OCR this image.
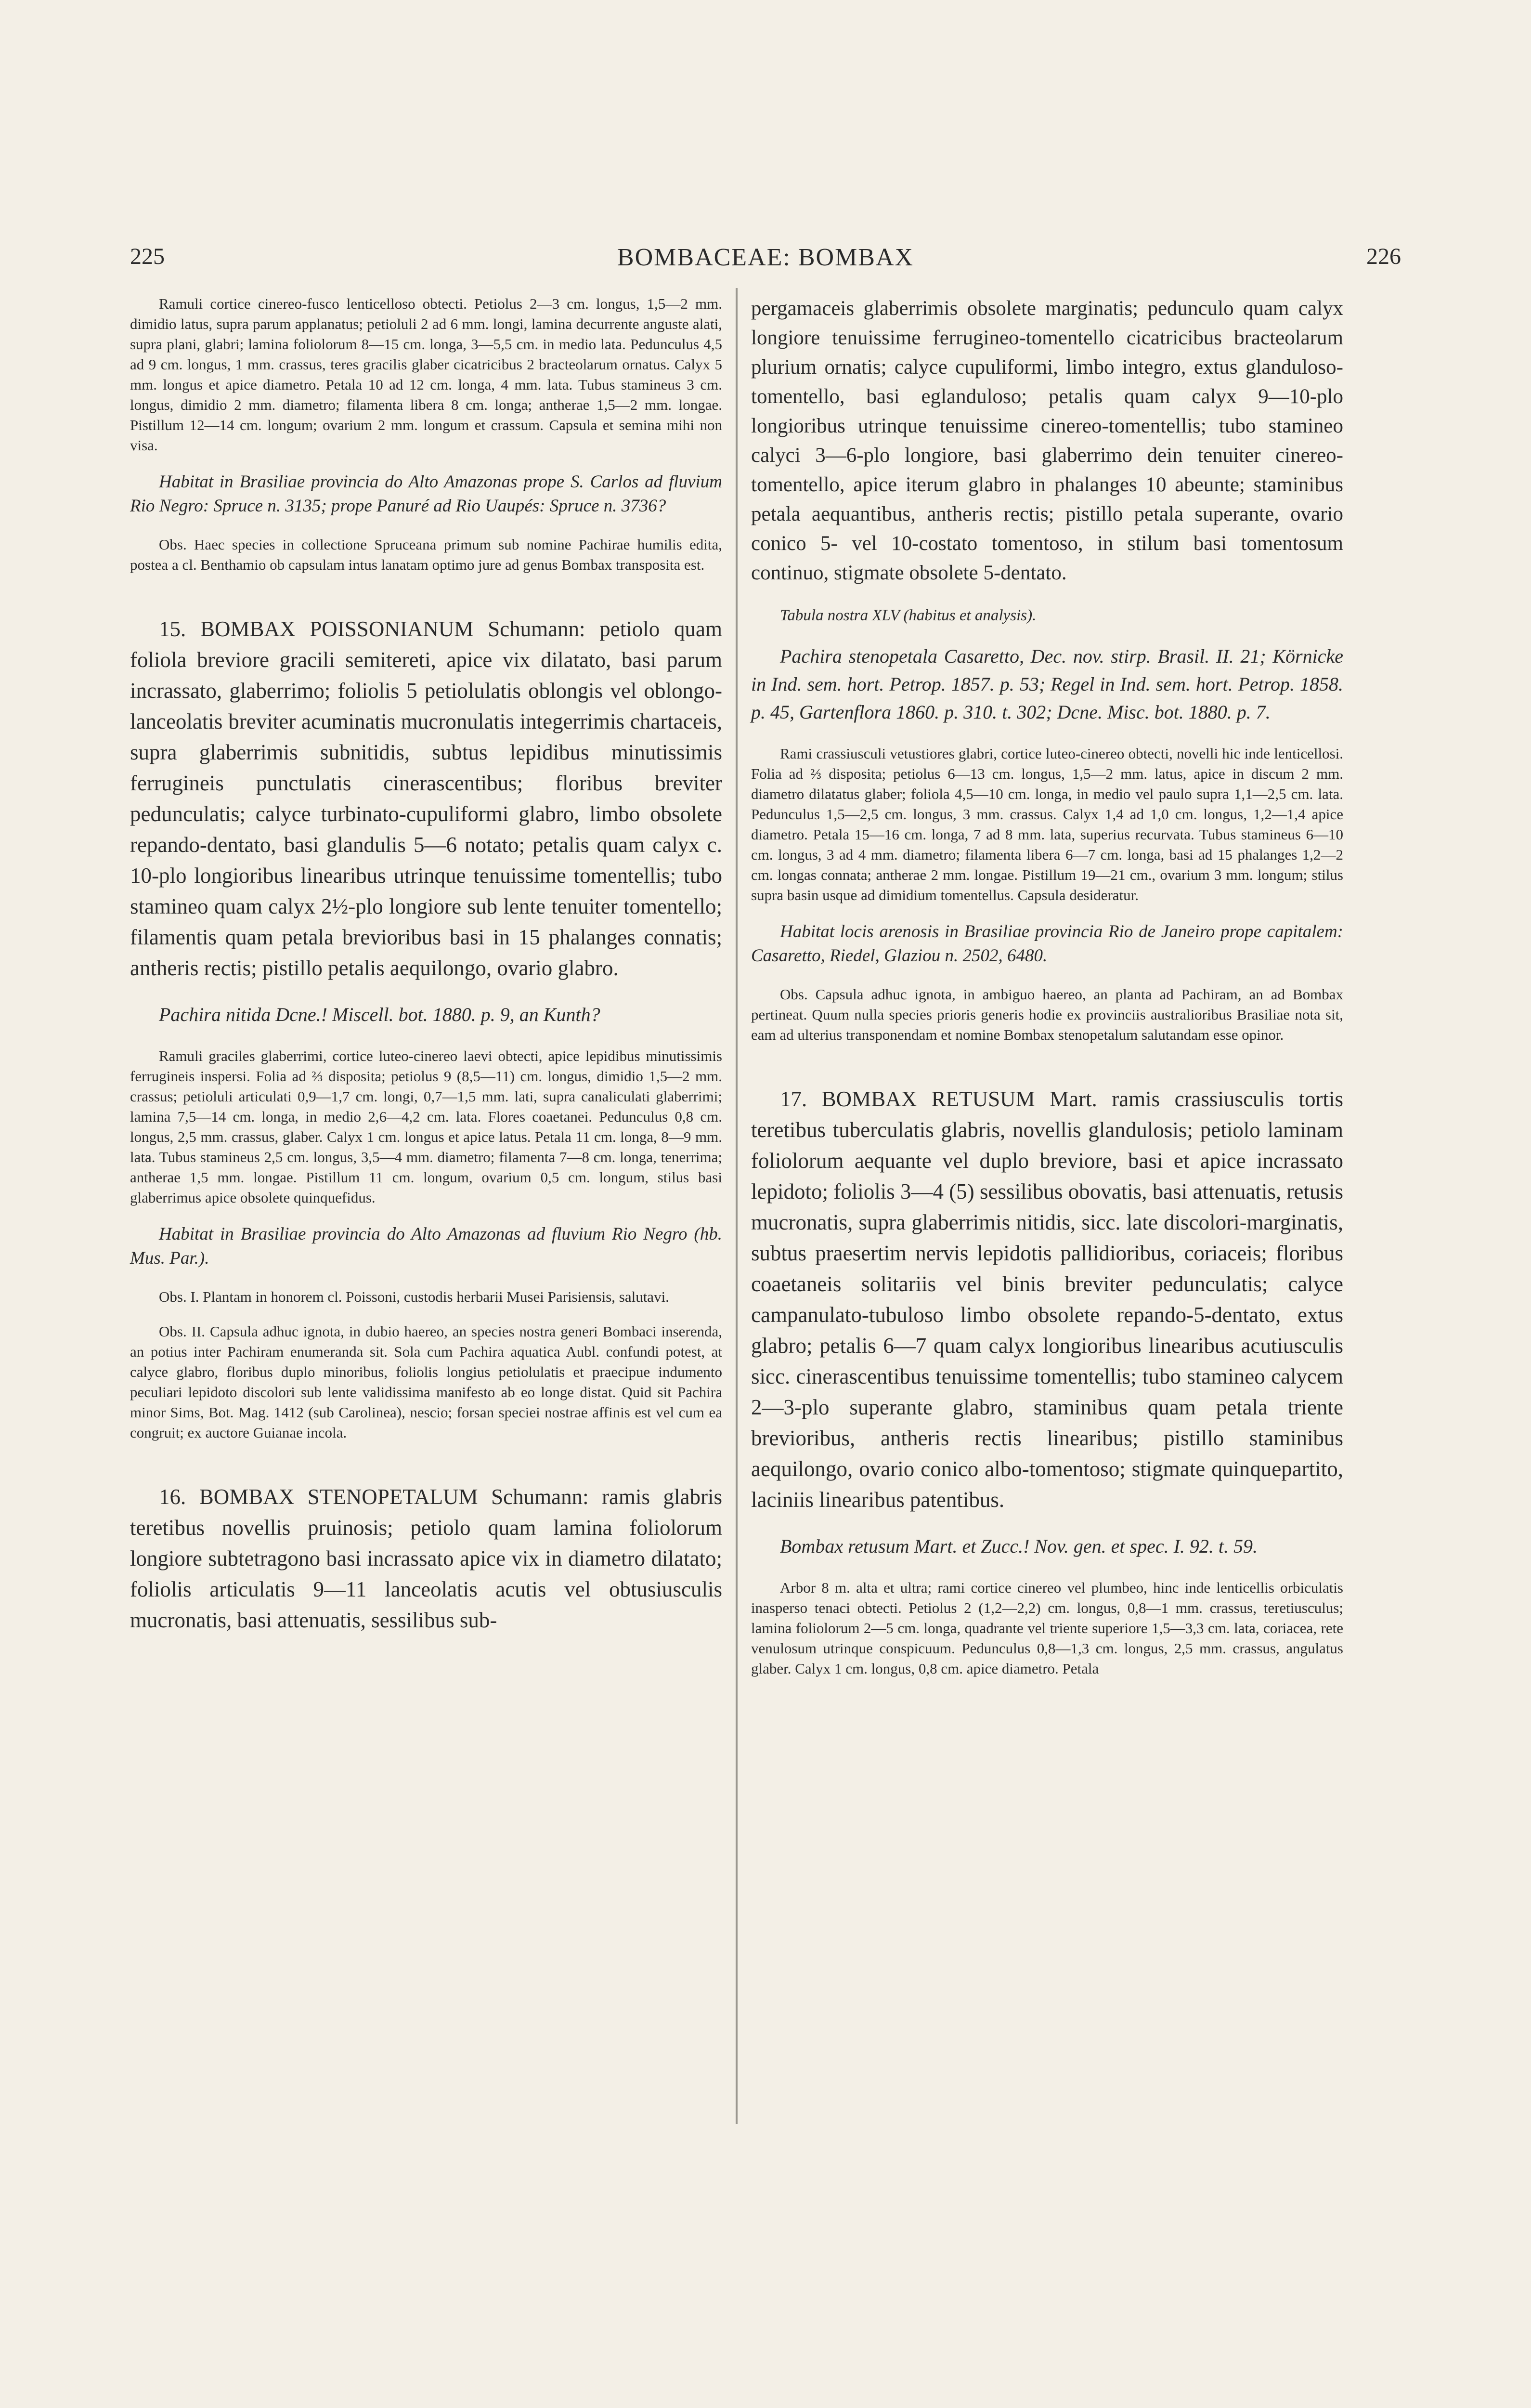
225	BOMBACEAE: BOMBAX	226

Ramuli cortice cinereo-fusco lenticelloso obtecti. Petiolus 2—3 cm. longus, 1,5—2 mm. dimidio latus, supra parum applanatus; petioluli 2 ad 6 mm. longi, lamina decurrente anguste alati, supra plani, glabri; lamina foliolorum 8—15 cm. longa, 3—5,5 cm. in medio lata. Pedunculus 4,5 ad 9 cm. longus, 1 mm. crassus, teres gracilis glaber cicatricibus 2 bracteolarum ornatus. Calyx 5 mm. longus et apice diametro. Petala 10 ad 12 cm. longa, 4 mm. lata. Tubus stamineus 3 cm. longus, dimidio 2 mm. diametro; filamenta libera 8 cm. longa; antherae 1,5—2 mm. longae. Pistillum 12—14 cm. longum; ovarium 2 mm. longum et crassum. Capsula et semina mihi non visa.

Habitat in Brasiliae provincia do Alto Amazonas prope S. Carlos ad fluvium Rio Negro: Spruce n. 3135; prope Panuré ad Rio Uaupés: Spruce n. 3736?

Obs. Haec species in collectione Spruceana primum sub nomine Pachirae humilis edita, postea a cl. Benthamio ob capsulam intus lanatam optimo jure ad genus Bombax transposita est.

15. BOMBAX POISSONIANUM Schumann: petiolo quam foliola breviore gracili semitereti, apice vix dilatato, basi parum incrassato, glaberrimo; foliolis 5 petiolulatis oblongis vel oblongo-lanceolatis breviter acuminatis mucronulatis integerrimis chartaceis, supra glaberrimis subnitidis, subtus lepidibus minutissimis ferrugineis punctulatis cinerascentibus; floribus breviter pedunculatis; calyce turbinato-cupuliformi glabro, limbo obsolete repando-dentato, basi glandulis 5—6 notato; petalis quam calyx c. 10-plo longioribus linearibus utrinque tenuissime tomentellis; tubo stamineo quam calyx 2½-plo longiore sub lente tenuiter tomentello; filamentis quam petala brevioribus basi in 15 phalanges connatis; antheris rectis; pistillo petalis aequilongo, ovario glabro.

Pachira nitida Dcne.! Miscell. bot. 1880. p. 9, an Kunth?

Ramuli graciles glaberrimi, cortice luteo-cinereo laevi obtecti, apice lepidibus minutissimis ferrugineis inspersi. Folia ad ⅔ disposita; petiolus 9 (8,5—11) cm. longus, dimidio 1,5—2 mm. crassus; petioluli articulati 0,9—1,7 cm. longi, 0,7—1,5 mm. lati, supra canaliculati glaberrimi; lamina 7,5—14 cm. longa, in medio 2,6—4,2 cm. lata. Flores coaetanei. Pedunculus 0,8 cm. longus, 2,5 mm. crassus, glaber. Calyx 1 cm. longus et apice latus. Petala 11 cm. longa, 8—9 mm. lata. Tubus stamineus 2,5 cm. longus, 3,5—4 mm. diametro; filamenta 7—8 cm. longa, tenerrima; antherae 1,5 mm. longae. Pistillum 11 cm. longum, ovarium 0,5 cm. longum, stilus basi glaberrimus apice obsolete quinquefidus.

Habitat in Brasiliae provincia do Alto Amazonas ad fluvium Rio Negro (hb. Mus. Par.).

Obs. I. Plantam in honorem cl. Poissoni, custodis herbarii Musei Parisiensis, salutavi.

Obs. II. Capsula adhuc ignota, in dubio haereo, an species nostra generi Bombaci inserenda, an potius inter Pachiram enumeranda sit. Sola cum Pachira aquatica Aubl. confundi potest, at calyce glabro, floribus duplo minoribus, foliolis longius petiolulatis et praecipue indumento peculiari lepidoto discolori sub lente validissima manifesto ab eo longe distat. Quid sit Pachira minor Sims, Bot. Mag. 1412 (sub Carolinea), nescio; forsan speciei nostrae affinis est vel cum ea congruit; ex auctore Guianae incola.

16. BOMBAX STENOPETALUM Schumann: ramis glabris teretibus novellis pruinosis; petiolo quam lamina foliolorum longiore subtetragono basi incrassato apice vix in diametro dilatato; foliolis articulatis 9—11 lanceolatis acutis vel obtusiusculis mucronatis, basi attenuatis, sessilibus sub-

pergamaceis glaberrimis obsolete marginatis; pedunculo quam calyx longiore tenuissime ferrugineo-tomentello cicatricibus bracteolarum plurium ornatis; calyce cupuliformi, limbo integro, extus glanduloso-tomentello, basi eglanduloso; petalis quam calyx 9—10-plo longioribus utrinque tenuissime cinereo-tomentellis; tubo stamineo calyci 3—6-plo longiore, basi glaberrimo dein tenuiter cinereo-tomentello, apice iterum glabro in phalanges 10 abeunte; staminibus petala aequantibus, antheris rectis; pistillo petala superante, ovario conico 5- vel 10-costato tomentoso, in stilum basi tomentosum continuo, stigmate obsolete 5-dentato.

Tabula nostra XLV (habitus et analysis).

Pachira stenopetala Casaretto, Dec. nov. stirp. Brasil. II. 21; Körnicke in Ind. sem. hort. Petrop. 1857. p. 53; Regel in Ind. sem. hort. Petrop. 1858. p. 45, Gartenflora 1860. p. 310. t. 302; Dcne. Misc. bot. 1880. p. 7.

Rami crassiusculi vetustiores glabri, cortice luteo-cinereo obtecti, novelli hic inde lenticellosi. Folia ad ⅔ disposita; petiolus 6—13 cm. longus, 1,5—2 mm. latus, apice in discum 2 mm. diametro dilatatus glaber; foliola 4,5—10 cm. longa, in medio vel paulo supra 1,1—2,5 cm. lata. Pedunculus 1,5—2,5 cm. longus, 3 mm. crassus. Calyx 1,4 ad 1,0 cm. longus, 1,2—1,4 apice diametro. Petala 15—16 cm. longa, 7 ad 8 mm. lata, superius recurvata. Tubus stamineus 6—10 cm. longus, 3 ad 4 mm. diametro; filamenta libera 6—7 cm. longa, basi ad 15 phalanges 1,2—2 cm. longas connata; antherae 2 mm. longae. Pistillum 19—21 cm., ovarium 3 mm. longum; stilus supra basin usque ad dimidium tomentellus. Capsula desideratur.

Habitat locis arenosis in Brasiliae provincia Rio de Janeiro prope capitalem: Casaretto, Riedel, Glaziou n. 2502, 6480.

Obs. Capsula adhuc ignota, in ambiguo haereo, an planta ad Pachiram, an ad Bombax pertineat. Quum nulla species prioris generis hodie ex provinciis australioribus Brasiliae nota sit, eam ad ulterius transponendam et nomine Bombax stenopetalum salutandam esse opinor.

17. BOMBAX RETUSUM Mart. ramis crassiusculis tortis teretibus tuberculatis glabris, novellis glandulosis; petiolo laminam foliolorum aequante vel duplo breviore, basi et apice incrassato lepidoto; foliolis 3—4 (5) sessilibus obovatis, basi attenuatis, retusis mucronatis, supra glaberrimis nitidis, sicc. late discolori-marginatis, subtus praesertim nervis lepidotis pallidioribus, coriaceis; floribus coaetaneis solitariis vel binis breviter pedunculatis; calyce campanulato-tubuloso limbo obsolete repando-5-dentato, extus glabro; petalis 6—7 quam calyx longioribus linearibus acutiusculis sicc. cinerascentibus tenuissime tomentellis; tubo stamineo calycem 2—3-plo superante glabro, staminibus quam petala triente brevioribus, antheris rectis linearibus; pistillo staminibus aequilongo, ovario conico albo-tomentoso; stigmate quinquepartito, laciniis linearibus patentibus.

Bombax retusum Mart. et Zucc.! Nov. gen. et spec. I. 92. t. 59.

Arbor 8 m. alta et ultra; rami cortice cinereo vel plumbeo, hinc inde lenticellis orbiculatis inasperso tenaci obtecti. Petiolus 2 (1,2—2,2) cm. longus, 0,8—1 mm. crassus, teretiusculus; lamina foliolorum 2—5 cm. longa, quadrante vel triente superiore 1,5—3,3 cm. lata, coriacea, rete venulosum utrinque conspicuum. Pedunculus 0,8—1,3 cm. longus, 2,5 mm. crassus, angulatus glaber. Calyx 1 cm. longus, 0,8 cm. apice diametro. Petala
